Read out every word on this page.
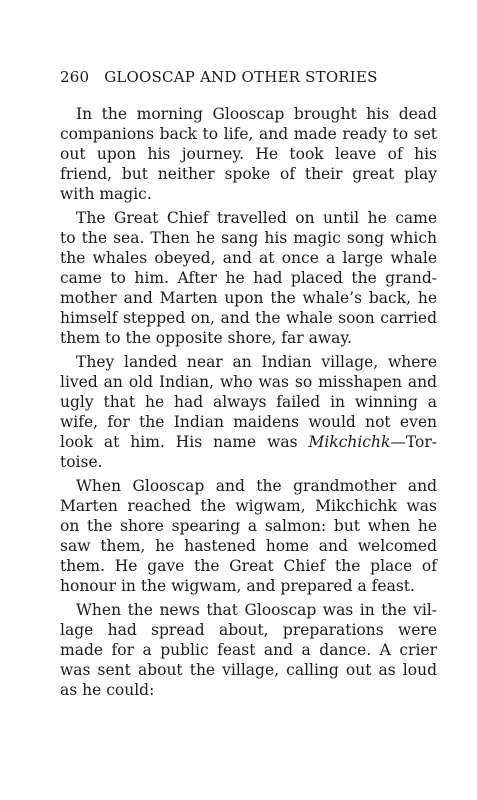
260 GLOOSCAP AND OTHER STORIES
In the morning Glooscap brought his dead
companions back to life, and made ready to set
out upon his journey. He took leave of his
friend, but neither spoke of their great play
with magic.
The Great Chief travelled on until he came
to the sea. Then he sang his magic song which
the whales obeyed, and at once a large whale
came to him. After he had placed the grand-
mother and Marten upon the whale’s back, he
himself stepped on, and the whale soon carried
them to the opposite shore, far away.
They landed near an Indian village, where
lived an old Indian, who was so misshapen and
ugly that he had always failed in winning a
wife, for the Indian maidens would not even
look at him. His name was Mikchichk—Tor-
toise.
When Glooscap and the grandmother and
Marten reached the wigwam, Mikchichk was
on the shore spearing a salmon: but when he
saw them, he hastened home and welcomed
them. He gave the Great Chief the place of
honour in the wigwam, and prepared a feast.
When the news that Glooscap was in the vil-
lage had spread about, preparations were
made for a public feast and a dance. A crier
was sent about the village, calling out as loud
as he could:
